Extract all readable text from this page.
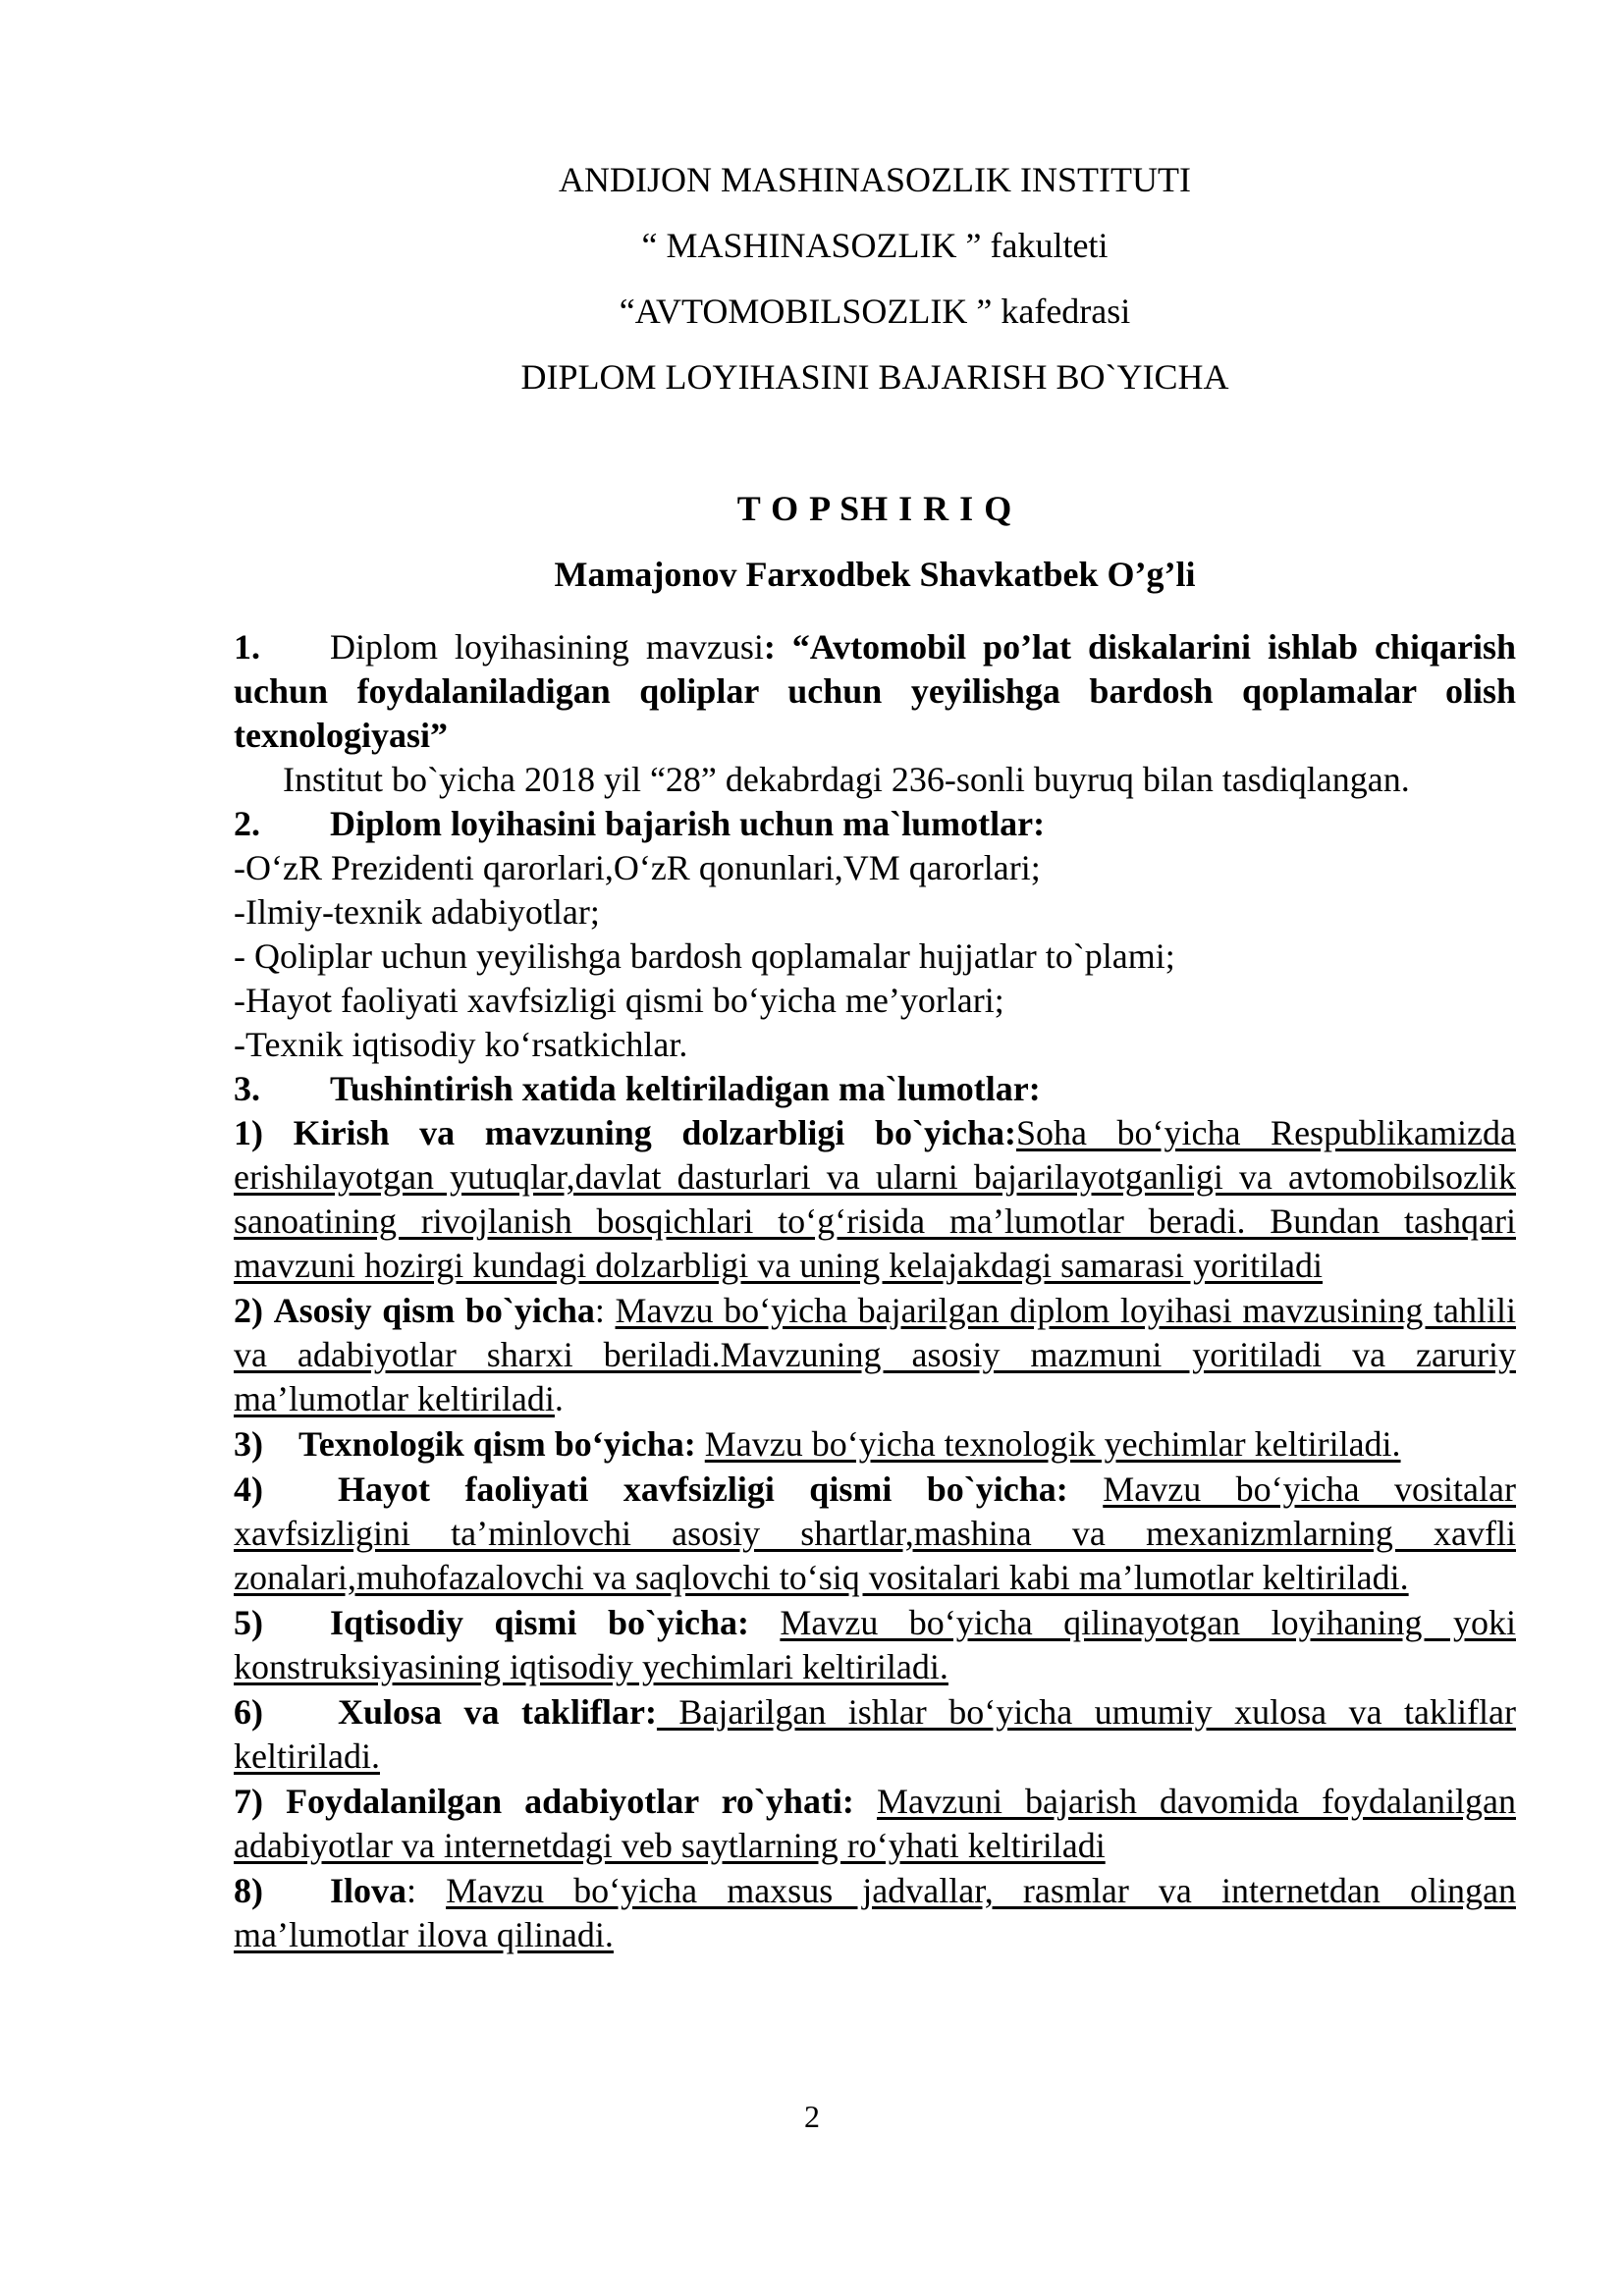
ANDIJON MASHINASOZLIK INSTITUTI

“ MASHINASOZLIK ” fakulteti

“AVTOMOBILSOZLIK ” kafedrasi

DIPLOM LOYIHASINI BAJARISH BO`YICHA

T O P SH I R I Q

Mamajonov Farxodbek Shavkatbek O’g’li

1. Diplom loyihasining mavzusi: “Avtomobil po’lat diskalarini ishlab chiqarish uchun foydalaniladigan qoliplar uchun yeyilishga bardosh qoplamalar olish texnologiyasi”

Institut bo`yicha 2018 yil “28” dekabrdagi 236-sonli buyruq bilan tasdiqlangan.

2. Diplom loyihasini bajarish uchun ma`lumotlar:

-O‘zR Prezidenti qarorlari,O‘zR qonunlari,VM qarorlari;

-Ilmiy-texnik adabiyotlar;

- Qoliplar uchun yeyilishga bardosh qoplamalar hujjatlar to`plami;

-Hayot faoliyati xavfsizligi qismi bo‘yicha me’yorlari;

-Texnik iqtisodiy ko‘rsatkichlar.

3. Tushintirish xatida keltiriladigan ma`lumotlar:

1) Kirish va mavzuning dolzarbligi bo`yicha:Soha bo‘yicha Respublikamizda erishilayotgan yutuqlar,davlat dasturlari va ularni bajarilayotganligi va avtomobilsozlik sanoatining rivojlanish bosqichlari to‘g‘risida ma’lumotlar beradi. Bundan tashqari mavzuni hozirgi kundagi dolzarbligi va uning kelajakdagi samarasi yoritiladi

2) Asosiy qism bo`yicha: Mavzu bo‘yicha bajarilgan diplom loyihasi mavzusining tahlili va adabiyotlar sharxi beriladi.Mavzuning asosiy mazmuni yoritiladi va zaruriy ma’lumotlar keltiriladi.

3) Texnologik qism bo‘yicha: Mavzu bo‘yicha texnologik yechimlar keltiriladi.

4) Hayot faoliyati xavfsizligi qismi bo`yicha: Mavzu bo‘yicha vositalar xavfsizligini ta’minlovchi asosiy shartlar,mashina va mexanizmlarning xavfli zonalari,muhofazalovchi va saqlovchi to‘siq vositalari kabi ma’lumotlar keltiriladi.

5) Iqtisodiy qismi bo`yicha: Mavzu bo‘yicha qilinayotgan loyihaning yoki konstruksiyasining iqtisodiy yechimlari keltiriladi.

6) Xulosa va takliflar: Bajarilgan ishlar bo‘yicha umumiy xulosa va takliflar keltiriladi.

7) Foydalanilgan adabiyotlar ro`yhati: Mavzuni bajarish davomida foydalanilgan adabiyotlar va internetdagi veb saytlarning ro‘yhati keltiriladi

8) Ilova: Mavzu bo‘yicha maxsus jadvallar, rasmlar va internetdan olingan ma’lumotlar ilova qilinadi.

2
